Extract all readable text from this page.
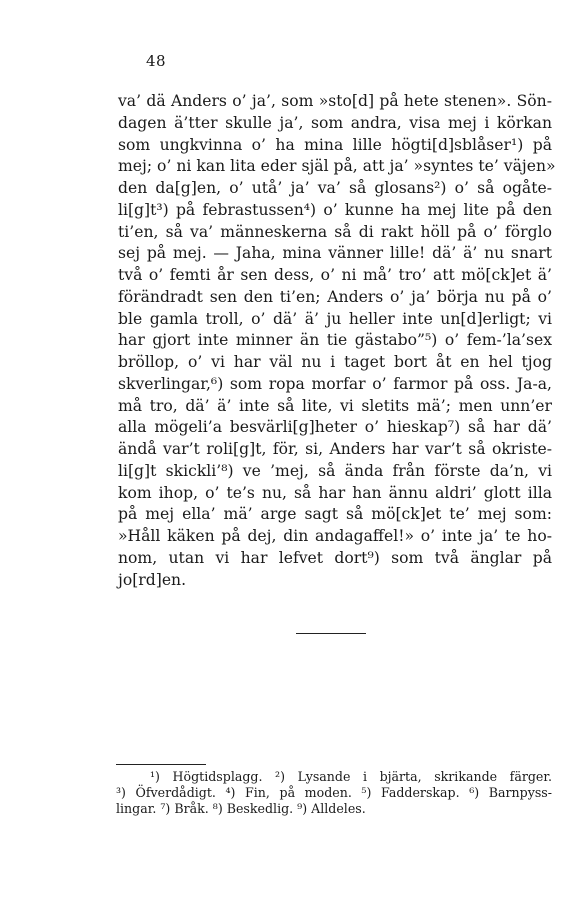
48
va’ dä Anders o’ ja’, som »sto[d] på hete stenen». Sön-
dagen ä’tter skulle ja’, som andra, visa mej i körkan
som ungkvinna o’ ha mina lille högti[d]sblåser¹) på
mej; o’ ni kan lita eder själ på, att ja’ »syntes te’ väjen»
den da[g]en, o’ utå’ ja’ va’ så glosans²) o’ så ogåte-
li[g]t³) på febrastussen⁴) o’ kunne ha mej lite på den
ti’en, så va’ männeskerna så di rakt höll på o’ förglo
sej på mej. — Jaha, mina vänner lille! dä’ ä’ nu snart
två o’ femti år sen dess, o’ ni må’ tro’ att mö[ck]et ä’
förändradt sen den ti’en; Anders o’ ja’ börja nu på o’
ble gamla troll, o’ dä’ ä’ ju heller inte un[d]erligt; vi
har gjort inte minner än tie gästabo”⁵) o’ fem-’la’sex
bröllop, o’ vi har väl nu i taget bort åt en hel tjog
skverlingar,⁶) som ropa morfar o’ farmor på oss. Ja-a,
må tro, dä’ ä’ inte så lite, vi sletits mä’; men unn’er
alla mögeli’a besvärli[g]heter o’ hieskap⁷) så har dä’
ändå var’t roli[g]t, för, si, Anders har var’t så okriste-
li[g]t skickli’⁸) ve ’mej, så ända från förste da’n, vi
kom ihop, o’ te’s nu, så har han ännu aldri’ glott illa
på mej ella’ mä’ arge sagt så mö[ck]et te’ mej som:
»Håll käken på dej, din andagaffel!» o’ inte ja’ te ho-
nom, utan vi har lefvet dort⁹) som två änglar på
jo[rd]en.
¹) Högtidsplagg. ²) Lysande i bjärta, skrikande färger.
³) Öfverdådigt. ⁴) Fin, på moden. ⁵) Fadderskap. ⁶) Barnpyss-
lingar. ⁷) Bråk. ⁸) Beskedlig. ⁹) Alldeles.
